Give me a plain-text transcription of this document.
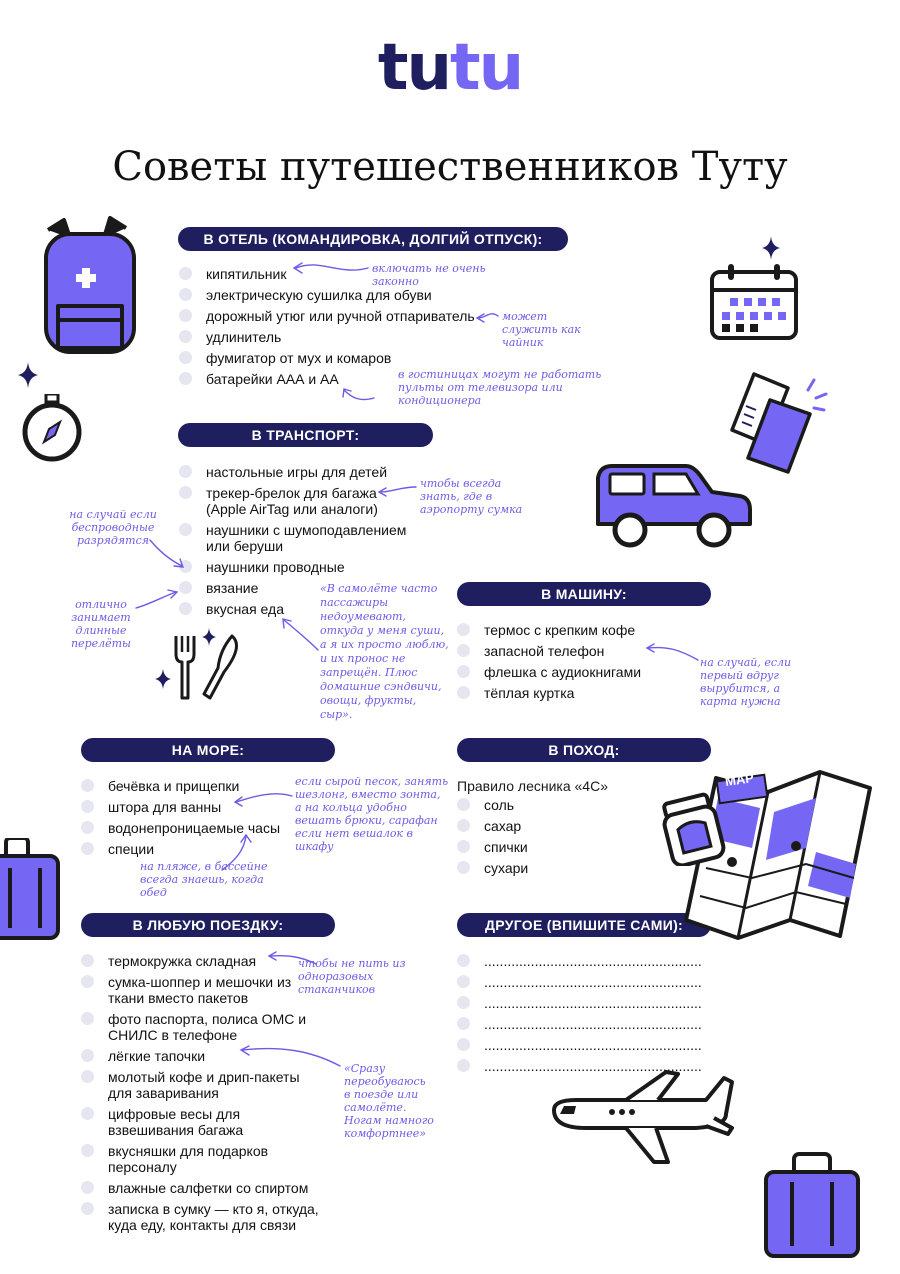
tutu
Советы путешественников Туту
В ОТЕЛЬ (КОМАНДИРОВКА, ДОЛГИЙ ОТПУСК):
кипятильник
электрическую сушилка для обуви
дорожный утюг или ручной отпариватель
удлинитель
фумигатор от мух и комаров
батарейки ААА и АА
В ТРАНСПОРТ:
настольные игры для детей
трекер-брелок для багажа (Apple AirTag или аналоги)
наушники с шумоподавлением или беруши
наушники проводные
вязание
вкусная еда
В МАШИНУ:
термос с крепким кофе
запасной телефон
флешка с аудиокнигами
тёплая куртка
НА МОРЕ:
бечёвка и прищепки
штора для ванны
водонепроницаемые часы
специи
В ПОХОД:
Правило лесника «4С»
соль
сахар
спички
сухари
В ЛЮБУЮ ПОЕЗДКУ:
термокружка складная
сумка-шоппер и мешочки из ткани вместо пакетов
фото паспорта, полиса ОМС и СНИЛС в телефоне
лёгкие тапочки
молотый кофе и дрип-пакеты для заваривания
цифровые весы для взвешивания багажа
вкусняшки для подарков персоналу
влажные салфетки со спиртом
записка в сумку — кто я, откуда, куда еду, контакты для связи
ДРУГОЕ (ВПИШИТЕ САМИ):
........................................................
........................................................
........................................................
........................................................
........................................................
........................................................
включать не очень законно
может служить как чайник
в гостиницах могут не работать пульты от телевизора или кондиционера
чтобы всегда знать, где в аэропорту сумка
на случай если беспроводные разрядятся
отлично занимает длинные перелёты
«В самолёте часто пассажиры недоумевают, откуда у меня суши, а я их просто люблю, и их пронос не запрещён. Плюс домашние сэндвичи, овощи, фрукты, сыр».
на случай, если первый вдруг вырубится, а карта нужна
если сырой песок, занять шезлонг, вместо зонта, а на кольца удобно вешать брюки, сарафан если нет вешалок в шкафу
на пляже, в бассейне всегда знаешь, когда обед
чтобы не пить из одноразовых стаканчиков
«Сразу переобуваюсь в поезде или самолёте. Ногам намного комфортнее»
MAP
